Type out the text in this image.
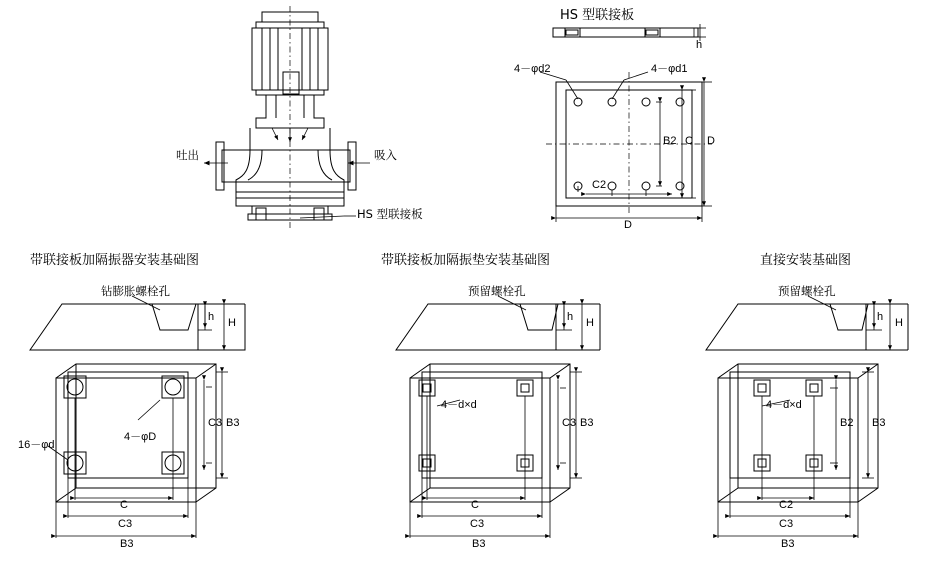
HS 型联接板
吐出	吸入
HS 型联接板
4－φd2	4－φd1
B2 C D
C2
D
h
带联接板加隔振器安装基础图
钻膨胀螺栓孔
h H
16－φd
4－φD
C
C3
B3
C3 B3
带联接板加隔振垫安装基础图
预留螺栓孔
h H
4－d×d
C
C3
B3
C3 B3
直接安装基础图
预留螺栓孔
h H
4－d×d
C2
B2 B3
C3
B3
